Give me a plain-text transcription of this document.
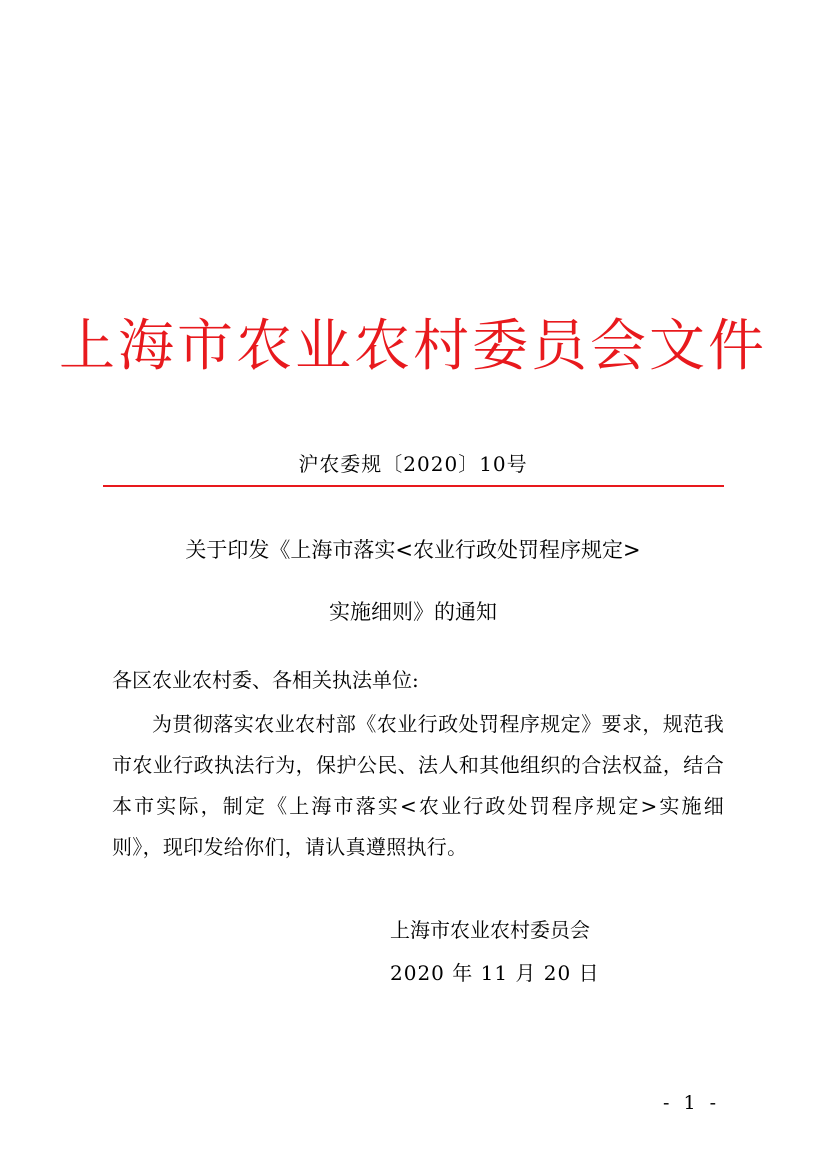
上海市农业农村委员会文件
沪农委规〔2020〕10号
关于印发《上海市落实<农业行政处罚程序规定>
实施细则》的通知
各区农业农村委、各相关执法单位:

为贯彻落实农业农村部《农业行政处罚程序规定》要求，规范我市农业行政执法行为，保护公民、法人和其他组织的合法权益，结合本市实际，制定《上海市落实<农业行政处罚程序规定>实施细则》，现印发给你们，请认真遵照执行。

上海市农业农村委员会
2020 年 11 月 20 日
- 1 -
